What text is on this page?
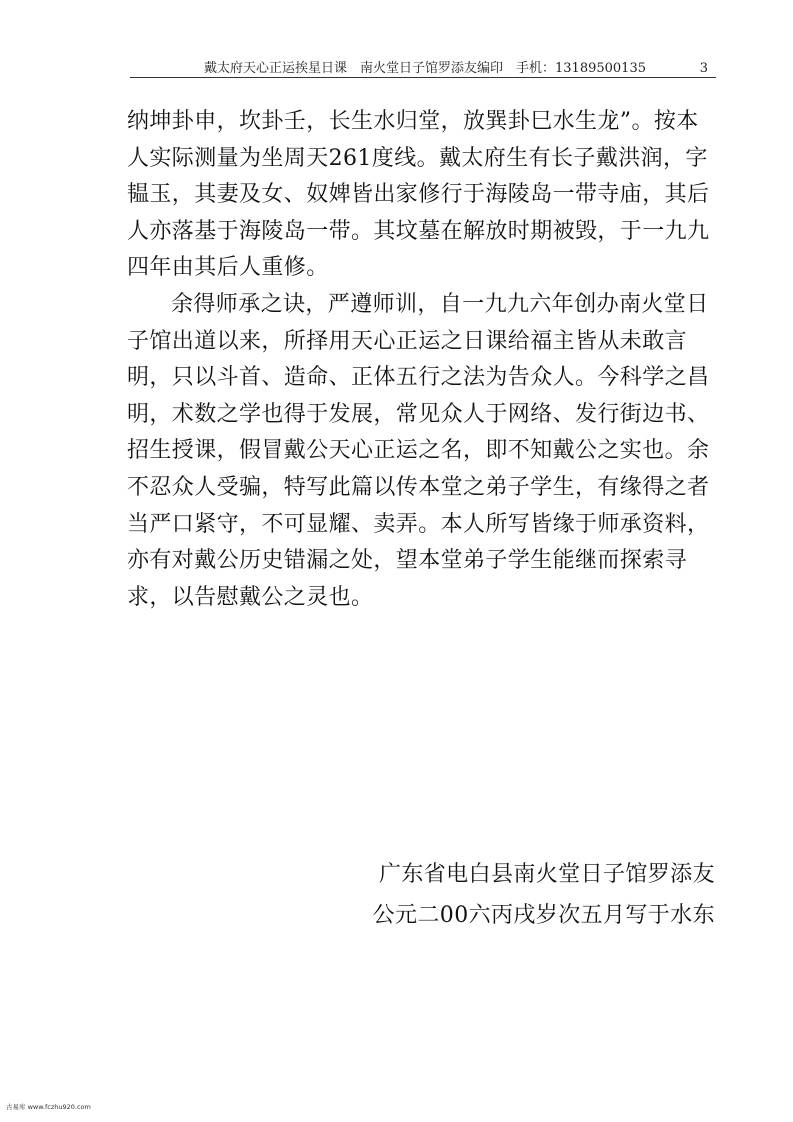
戴太府天心正运挨星日课　南火堂日子馆罗添友编印　手机：13189500135	3

纳坤卦申，坎卦壬，长生水归堂，放巽卦巳水生龙”。按本人实际测量为坐周天261度线。戴太府生有长子戴洪润，字韫玉，其妻及女、奴婢皆出家修行于海陵岛一带寺庙，其后人亦落基于海陵岛一带。其坟墓在解放时期被毁，于一九九四年由其后人重修。

余得师承之诀，严遵师训，自一九九六年创办南火堂日子馆出道以来，所择用天心正运之日课给福主皆从未敢言明，只以斗首、造命、正体五行之法为告众人。今科学之昌明，术数之学也得于发展，常见众人于网络、发行街边书、招生授课，假冒戴公天心正运之名，即不知戴公之实也。余不忍众人受骗，特写此篇以传本堂之弟子学生，有缘得之者当严口紧守，不可显耀、卖弄。本人所写皆缘于师承资料，亦有对戴公历史错漏之处，望本堂弟子学生能继而探索寻求，以告慰戴公之灵也。

广东省电白县南火堂日子馆罗添友
公元二00六丙戌岁次五月写于水东
古易库 www.fczhu920.com
